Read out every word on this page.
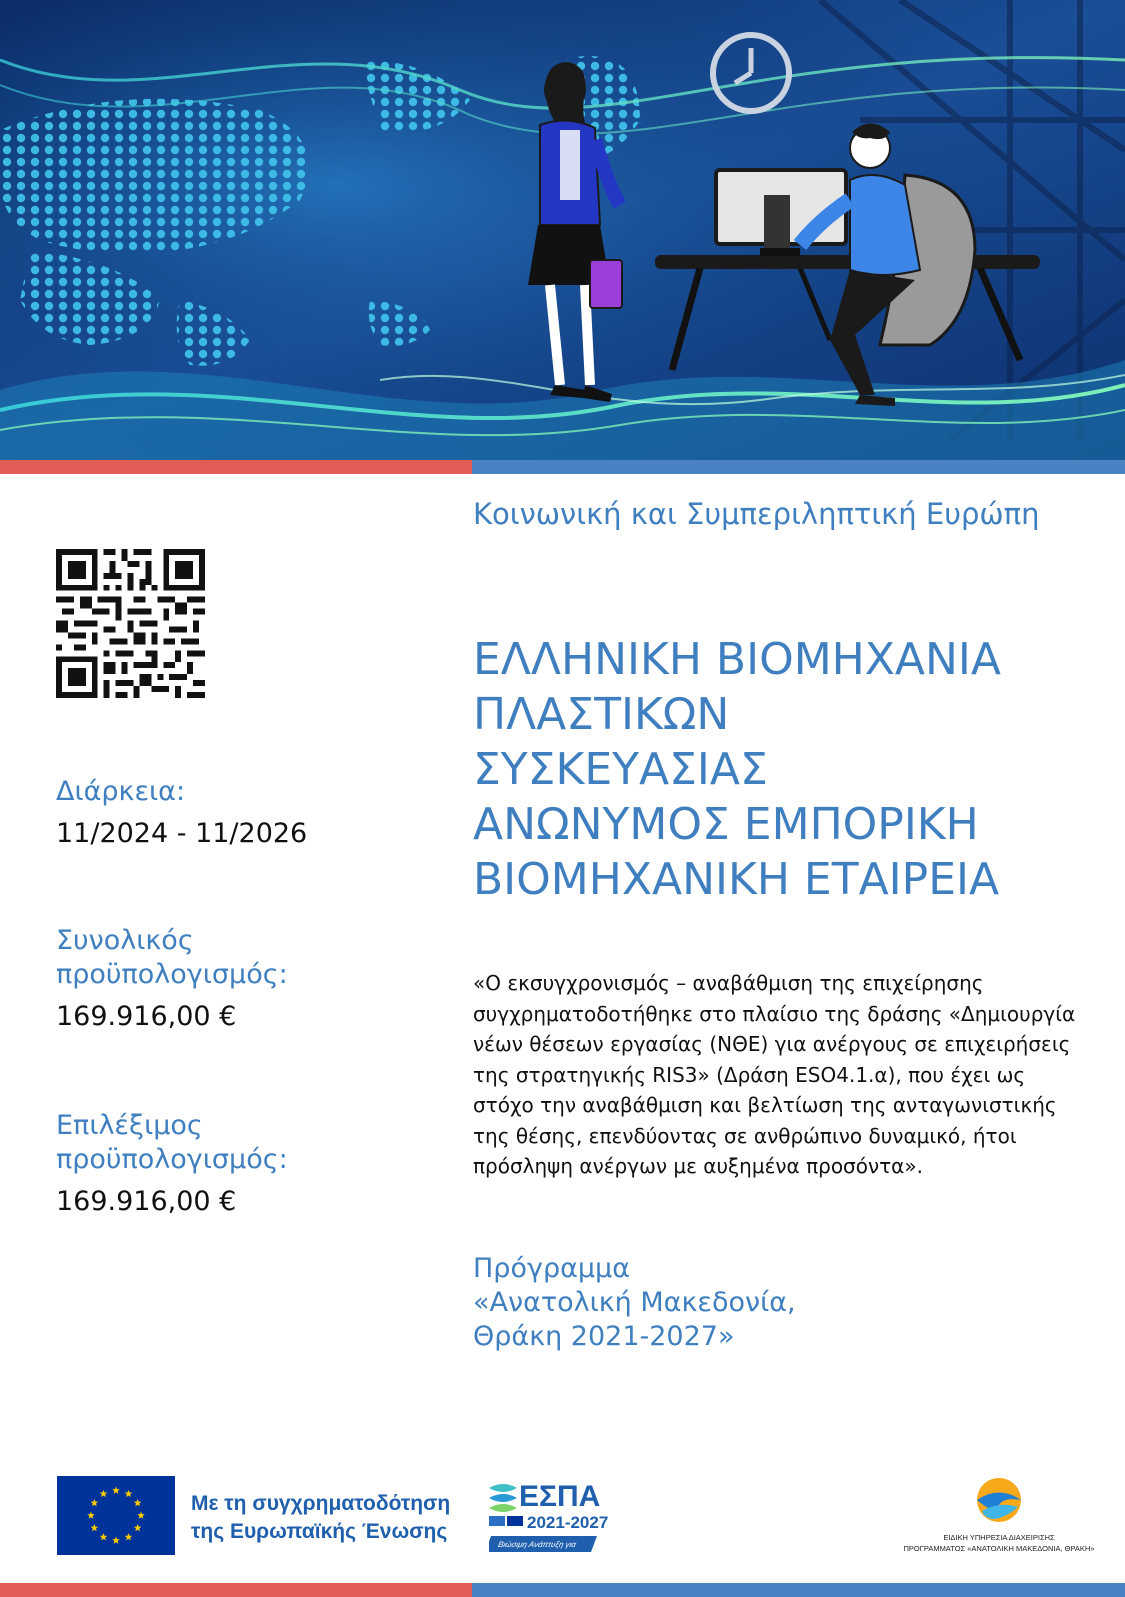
Διάρκεια:
11/2024 - 11/2026
Συνολικός προϋπολογισμός:
169.916,00 €
Επιλέξιμος προϋπολογισμός:
169.916,00 €
Κοινωνική και Συμπεριληπτική Ευρώπη
ΕΛΛΗΝΙΚΗ ΒΙΟΜΗΧΑΝΙΑ
ΠΛΑΣΤΙΚΩΝ
ΣΥΣΚΕΥΑΣΙΑΣ
ΑΝΩΝΥΜΟΣ ΕΜΠΟΡΙΚΗ
ΒΙΟΜΗΧΑΝΙΚΗ ΕΤΑΙΡΕΙΑ
«Ο εκσυγχρονισμός – αναβάθμιση της επιχείρησης συγχρηματοδοτήθηκε στο πλαίσιο της δράσης «Δημιουργία νέων θέσεων εργασίας (ΝΘΕ) για ανέργους σε επιχειρήσεις της στρατηγικής RIS3» (Δράση ESO4.1.α), που έχει ως στόχο την αναβάθμιση και βελτίωση της ανταγωνιστικής της θέσης, επενδύοντας σε ανθρώπινο δυναμικό, ήτοι πρόσληψη ανέργων με αυξημένα προσόντα».
Πρόγραμμα
«Ανατολική Μακεδονία,
Θράκη 2021-2027»
Με τη συγχρηματοδότηση
της Ευρωπαϊκής Ένωσης
ΕΣΠΑ
2021-2027
Βιώσιμη Ανάπτυξη για Όλους
ΕΙΔΙΚΗ ΥΠΗΡΕΣΙΑ ΔΙΑΧΕΙΡΙΣΗΣ
ΠΡΟΓΡΑΜΜΑΤΟΣ «ΑΝΑΤΟΛΙΚΗ ΜΑΚΕΔΟΝΙΑ, ΘΡΑΚΗ»
